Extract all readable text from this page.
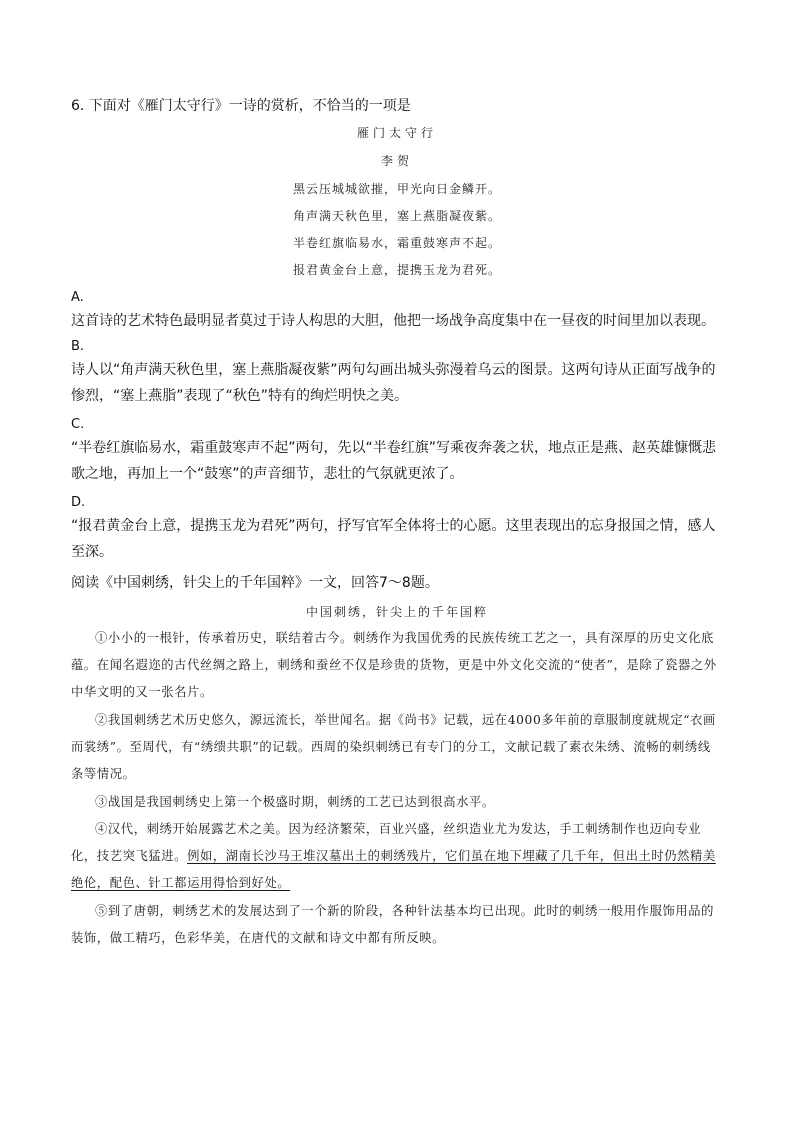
6. 下面对《雁门太守行》一诗的赏析，不恰当的一项是
雁门太守行
李贺
黑云压城城欲摧，甲光向日金鳞开。
角声满天秋色里，塞上燕脂凝夜紫。
半卷红旗临易水，霜重鼓寒声不起。
报君黄金台上意，提携玉龙为君死。
A.
这首诗的艺术特色最明显者莫过于诗人构思的大胆，他把一场战争高度集中在一昼夜的时间里加以表现。
B.
诗人以“角声满天秋色里，塞上燕脂凝夜紫”两句勾画出城头弥漫着乌云的图景。这两句诗从正面写战争的惨烈，“塞上燕脂”表现了“秋色”特有的绚烂明快之美。
C.
“半卷红旗临易水，霜重鼓寒声不起”两句，先以“半卷红旗”写乘夜奔袭之状，地点正是燕、赵英雄慷慨悲歌之地，再加上一个“鼓寒”的声音细节，悲壮的气氛就更浓了。
D.
“报君黄金台上意，提携玉龙为君死”两句，抒写官军全体将士的心愿。这里表现出的忘身报国之情，感人至深。
阅读《中国刺绣，针尖上的千年国粹》一文，回答7～8题。
中国刺绣，针尖上的千年国粹
①小小的一根针，传承着历史，联结着古今。刺绣作为我国优秀的民族传统工艺之一，具有深厚的历史文化底蕴。在闻名遐迩的古代丝绸之路上，刺绣和蚕丝不仅是珍贵的货物，更是中外文化交流的“使者”，是除了瓷器之外中华文明的又一张名片。
②我国刺绣艺术历史悠久，源远流长，举世闻名。据《尚书》记载，远在4000多年前的章服制度就规定“衣画而裳绣”。至周代，有“绣缋共职”的记载。西周的染织刺绣已有专门的分工，文献记载了素衣朱绣、流畅的刺绣线条等情况。
③战国是我国刺绣史上第一个极盛时期，刺绣的工艺已达到很高水平。
④汉代，刺绣开始展露艺术之美。因为经济繁荣，百业兴盛，丝织造业尤为发达，手工刺绣制作也迈向专业化，技艺突飞猛进。例如，湖南长沙马王堆汉墓出土的刺绣残片，它们虽在地下埋藏了几千年，但出土时仍然精美绝伦，配色、针工都运用得恰到好处。
⑤到了唐朝，刺绣艺术的发展达到了一个新的阶段，各种针法基本均已出现。此时的刺绣一般用作服饰用品的装饰，做工精巧，色彩华美，在唐代的文献和诗文中都有所反映。
